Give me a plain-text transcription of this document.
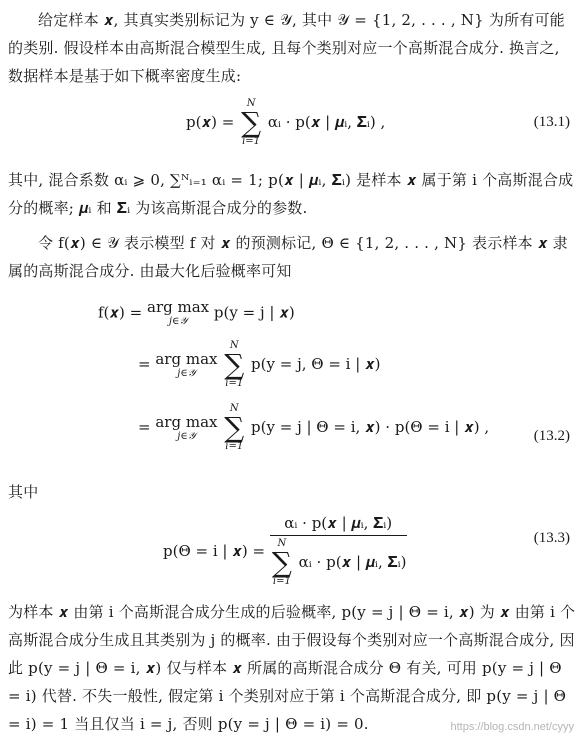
给定样本 𝒙, 其真实类别标记为 y ∈ 𝒴, 其中 𝒴 = {1, 2, . . . , N} 为所有可能的类别. 假设样本由高斯混合模型生成, 且每个类别对应一个高斯混合成分. 换言之, 数据样本是基于如下概率密度生成:

p(𝒙) =
N
∑
i=1
αᵢ · p(𝒙 | 𝝁ᵢ, 𝚺ᵢ) ,	(13.1)

其中, 混合系数 αᵢ ⩾ 0, ∑ᴺᵢ₌₁ αᵢ = 1; p(𝒙 | 𝝁ᵢ, 𝚺ᵢ) 是样本 𝒙 属于第 i 个高斯混合成分的概率; 𝝁ᵢ 和 𝚺ᵢ 为该高斯混合成分的参数.

令 f(𝒙) ∈ 𝒴 表示模型 f 对 𝒙 的预测标记, Θ ∈ {1, 2, . . . , N} 表示样本 𝒙 隶属的高斯混合成分. 由最大化后验概率可知

f(𝒙) = arg max
j∈𝒴	p(y = j | 𝒙)
= arg max
j∈𝒴

N
∑
i=1
p(y = j, Θ = i | 𝒙)
= arg max
j∈𝒴

N
∑
i=1
p(y = j | Θ = i, 𝒙) · p(Θ = i | 𝒙) ,	(13.2)

其中

p(Θ = i | 𝒙) =
αᵢ · p(𝒙 | 𝝁ᵢ, 𝚺ᵢ)
N
∑
i=1
αᵢ · p(𝒙 | 𝝁ᵢ, 𝚺ᵢ)
(13.3)

为样本 𝒙 由第 i 个高斯混合成分生成的后验概率, p(y = j | Θ = i, 𝒙) 为 𝒙 由第 i 个高斯混合成分生成且其类别为 j 的概率. 由于假设每个类别对应一个高斯混合成分, 因此 p(y = j | Θ = i, 𝒙) 仅与样本 𝒙 所属的高斯混合成分 Θ 有关, 可用 p(y = j | Θ = i) 代替. 不失一般性, 假定第 i 个类别对应于第 i 个高斯混合成分, 即 p(y = j | Θ = i) = 1 当且仅当 i = j, 否则 p(y = j | Θ = i) = 0.	https://blog.csdn.net/cyyy
